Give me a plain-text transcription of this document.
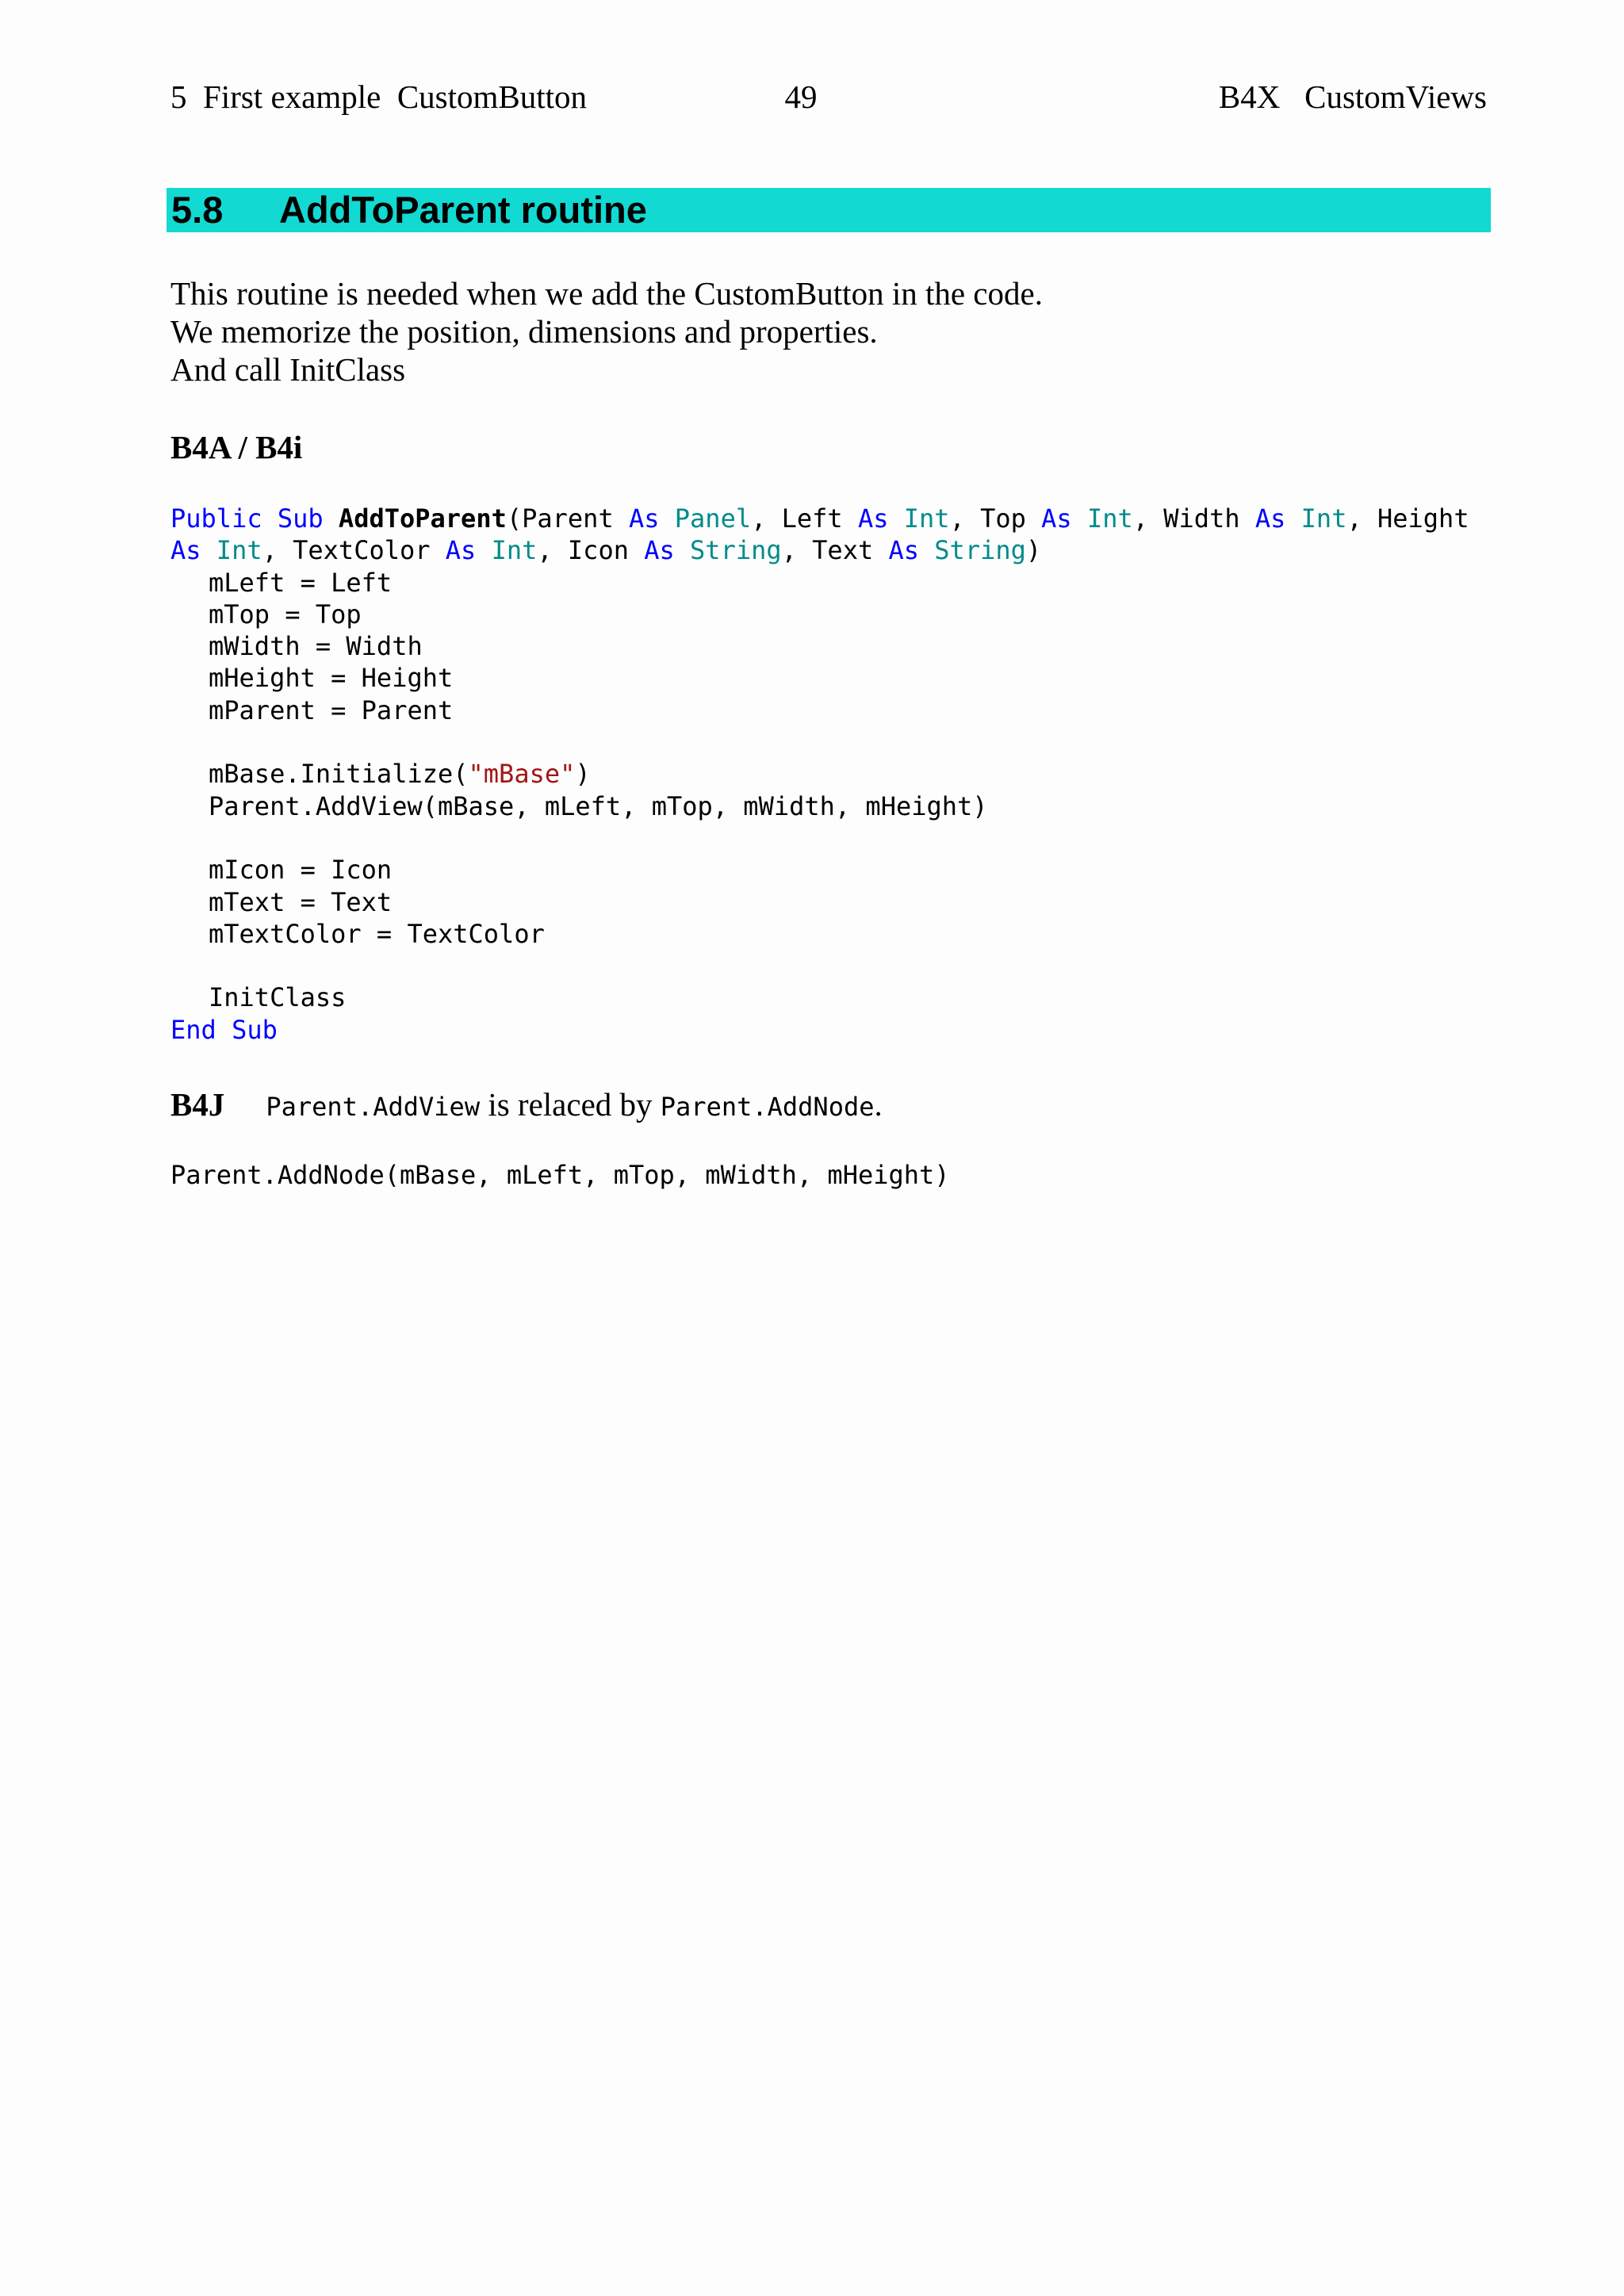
5  First example  CustomButton	49	B4X   CustomViews
5.8 AddToParent routine

This routine is needed when we add the CustomButton in the code.

We memorize the position, dimensions and properties.

And call InitClass

B4A / B4i
Public Sub AddToParent(Parent As Panel, Left As Int, Top As Int, Width As Int, Height
As Int, TextColor As Int, Icon As String, Text As String)
mLeft = Left
mTop = Top
mWidth = Width
mHeight = Height
mParent = Parent
mBase.Initialize("mBase")
Parent.AddView(mBase, mLeft, mTop, mWidth, mHeight)
mIcon = Icon
mText = Text
mTextColor = TextColor
InitClass
End Sub
B4J Parent.AddView is relaced by Parent.AddNode.
Parent.AddNode(mBase, mLeft, mTop, mWidth, mHeight)
